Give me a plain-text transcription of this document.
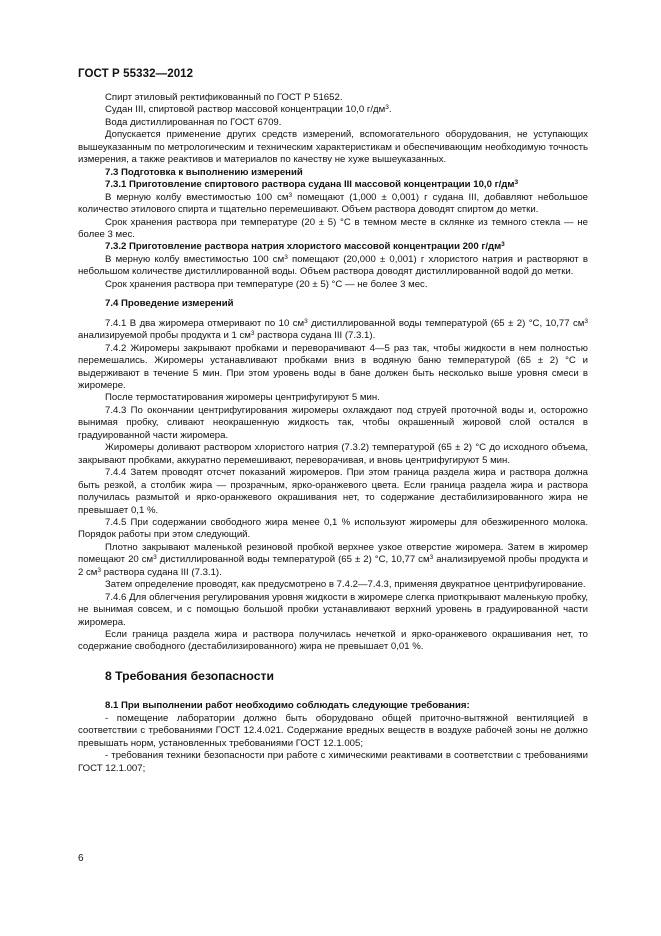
ГОСТ Р 55332—2012

Спирт этиловый ректификованный по ГОСТ Р 51652.

Судан III, спиртовой раствор массовой концентрации 10,0 $г/дм^3$.

Вода дистиллированная по ГОСТ 6709.

Допускается применение других средств измерений, вспомогательного оборудования, не уступающих вышеуказанным по метрологическим и техническим характеристикам и обеспечивающим необходимую точность измерения, а также реактивов и материалов по качеству не хуже вышеуказанных.

7.3 Подготовка к выполнению измерений

7.3.1 Приготовление спиртового раствора судана III массовой концентрации 10,0 $г/дм^3$

В мерную колбу вместимостью 100 $см^3$ помещают (1,000 ± 0,001) г судана III, добавляют небольшое количество этилового спирта и тщательно перемешивают. Объем раствора доводят спиртом до метки.

Срок хранения раствора при температуре (20 ± 5) °С в темном месте в склянке из темного стекла — не более 3 мес.

7.3.2 Приготовление раствора натрия хлористого массовой концентрации 200 $г/дм^3$

В мерную колбу вместимостью 100 $см^3$ помещают (20,000 ± 0,001) г хлористого натрия и растворяют в небольшом количестве дистиллированной воды. Объем раствора доводят дистиллированной водой до метки.

Срок хранения раствора при температуре (20 ± 5) °С — не более 3 мес.

7.4 Проведение измерений

7.4.1 В два жиромера отмеривают по 10 $см^3$ дистиллированной воды температурой (65 ± 2) °С, 10,77 $см^3$ анализируемой пробы продукта и 1 $см^3$ раствора судана III (7.3.1).

7.4.2 Жиромеры закрывают пробками и переворачивают 4—5 раз так, чтобы жидкости в нем полностью перемешались. Жиромеры устанавливают пробками вниз в водяную баню температурой (65 ± 2) °С и выдерживают в течение 5 мин. При этом уровень воды в бане должен быть несколько выше уровня смеси в жиромере.

После термостатирования жиромеры центрифугируют 5 мин.

7.4.3 По окончании центрифугирования жиромеры охлаждают под струей проточной воды и, осторожно вынимая пробку, сливают неокрашенную жидкость так, чтобы окрашенный жировой слой остался в градуированной части жиромера.

Жиромеры доливают раствором хлористого натрия (7.3.2) температурой (65 ± 2) °С до исходного объема, закрывают пробками, аккуратно перемешивают, переворачивая, и вновь центрифугируют 5 мин.

7.4.4 Затем проводят отсчет показаний жиромеров. При этом граница раздела жира и раствора должна быть резкой, а столбик жира — прозрачным, ярко-оранжевого цвета. Если граница раздела жира и раствора получилась размытой и ярко-оранжевого окрашивания нет, то содержание дестабилизированного жира не превышает 0,1 %.

7.4.5 При содержании свободного жира менее 0,1 % используют жиромеры для обезжиренного молока. Порядок работы при этом следующий.

Плотно закрывают маленькой резиновой пробкой верхнее узкое отверстие жиромера. Затем в жиромер помещают 20 $см^3$ дистиллированной воды температурой (65 ± 2) °С, 10,77 $см^3$ анализируемой пробы продукта и 2 $см^3$ раствора судана III (7.3.1).

Затем определение проводят, как предусмотрено в 7.4.2—7.4.3, применяя двукратное центрифугирование.

7.4.6 Для облегчения регулирования уровня жидкости в жиромере слегка приоткрывают маленькую пробку, не вынимая совсем, и с помощью большой пробки устанавливают верхний уровень в градуированной части жиромера.

Если граница раздела жира и раствора получилась нечеткой и ярко-оранжевого окрашивания нет, то содержание свободного (дестабилизированного) жира не превышает 0,01 %.

8 Требования безопасности

8.1 При выполнении работ необходимо соблюдать следующие требования:

- помещение лаборатории должно быть оборудовано общей приточно-вытяжной вентиляцией в соответствии с требованиями ГОСТ 12.4.021. Содержание вредных веществ в воздухе рабочей зоны не должно превышать норм, установленных требованиями ГОСТ 12.1.005;

- требования техники безопасности при работе с химическими реактивами в соответствии с требованиями ГОСТ 12.1.007;

6
